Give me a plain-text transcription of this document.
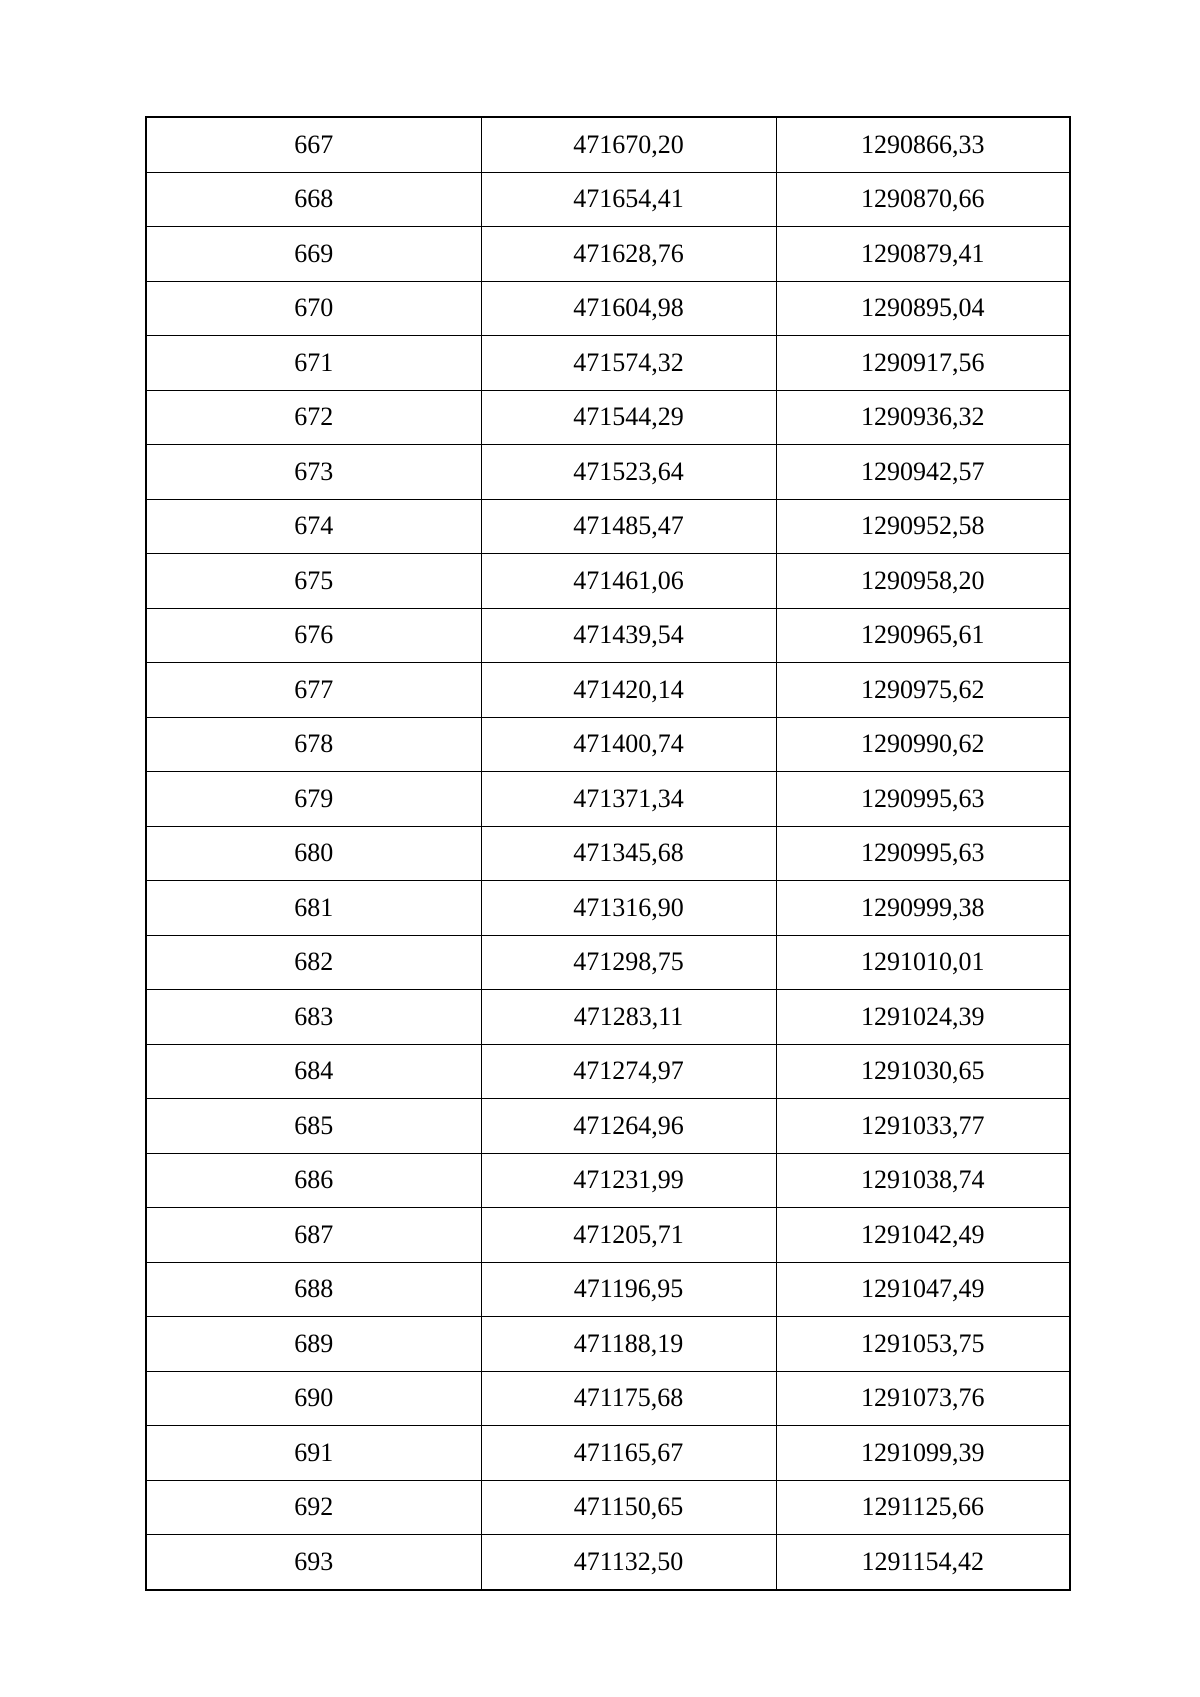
667	471670,20	1290866,33
668	471654,41	1290870,66
669	471628,76	1290879,41
670	471604,98	1290895,04
671	471574,32	1290917,56
672	471544,29	1290936,32
673	471523,64	1290942,57
674	471485,47	1290952,58
675	471461,06	1290958,20
676	471439,54	1290965,61
677	471420,14	1290975,62
678	471400,74	1290990,62
679	471371,34	1290995,63
680	471345,68	1290995,63
681	471316,90	1290999,38
682	471298,75	1291010,01
683	471283,11	1291024,39
684	471274,97	1291030,65
685	471264,96	1291033,77
686	471231,99	1291038,74
687	471205,71	1291042,49
688	471196,95	1291047,49
689	471188,19	1291053,75
690	471175,68	1291073,76
691	471165,67	1291099,39
692	471150,65	1291125,66
693	471132,50	1291154,42
